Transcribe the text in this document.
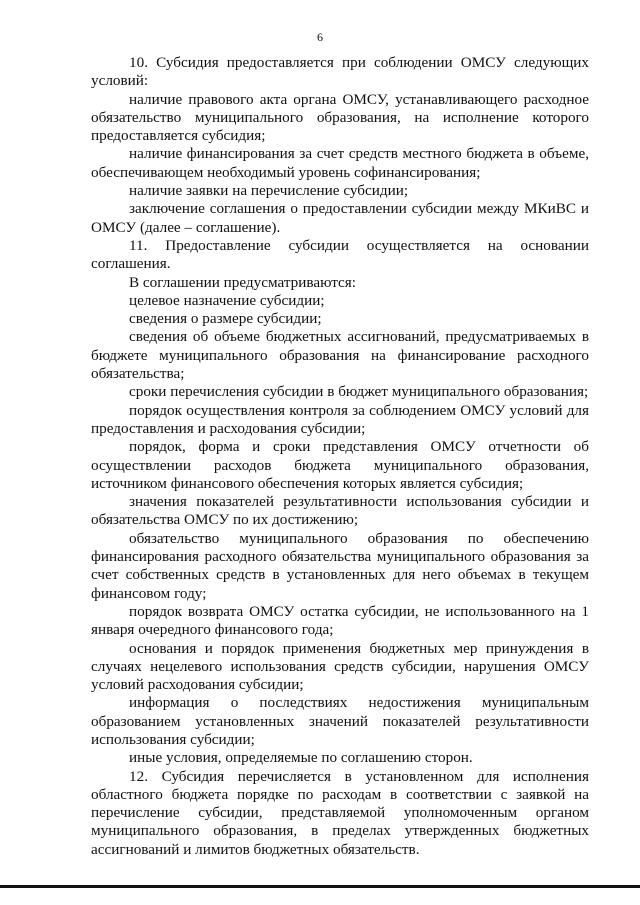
6

10. Субсидия предоставляется при соблюдении ОМСУ следующих условий:

наличие правового акта органа ОМСУ, устанавливающего расходное обязательство муниципального образования, на исполнение которого предоставляется субсидия;

наличие финансирования за счет средств местного бюджета в объеме, обеспечивающем необходимый уровень софинансирования;

наличие заявки на перечисление субсидии;

заключение соглашения о предоставлении субсидии между МКиВС и ОМСУ (далее – соглашение).

11. Предоставление субсидии осуществляется на основании соглашения.

В соглашении предусматриваются:

целевое назначение субсидии;

сведения о размере субсидии;

сведения об объеме бюджетных ассигнований, предусматриваемых в бюджете муниципального образования на финансирование расходного обязательства;

сроки перечисления субсидии в бюджет муниципального образования;

порядок осуществления контроля за соблюдением ОМСУ условий для предоставления и расходования субсидии;

порядок, форма и сроки представления ОМСУ отчетности об осуществлении расходов бюджета муниципального образования, источником финансового обеспечения которых является субсидия;

значения показателей результативности использования субсидии и обязательства ОМСУ по их достижению;

обязательство муниципального образования по обеспечению финансирования расходного обязательства муниципального образования за счет собственных средств в установленных для него объемах в текущем финансовом году;

порядок возврата ОМСУ остатка субсидии, не использованного на 1 января очередного финансового года;

основания и порядок применения бюджетных мер принуждения в случаях нецелевого использования средств субсидии, нарушения ОМСУ условий расходования субсидии;

информация о последствиях недостижения муниципальным образованием установленных значений показателей результативности использования субсидии;

иные условия, определяемые по соглашению сторон.

12. Субсидия перечисляется в установленном для исполнения областного бюджета порядке по расходам в соответствии с заявкой на перечисление субсидии, представляемой уполномоченным органом муниципального образования, в пределах утвержденных бюджетных ассигнований и лимитов бюджетных обязательств.
